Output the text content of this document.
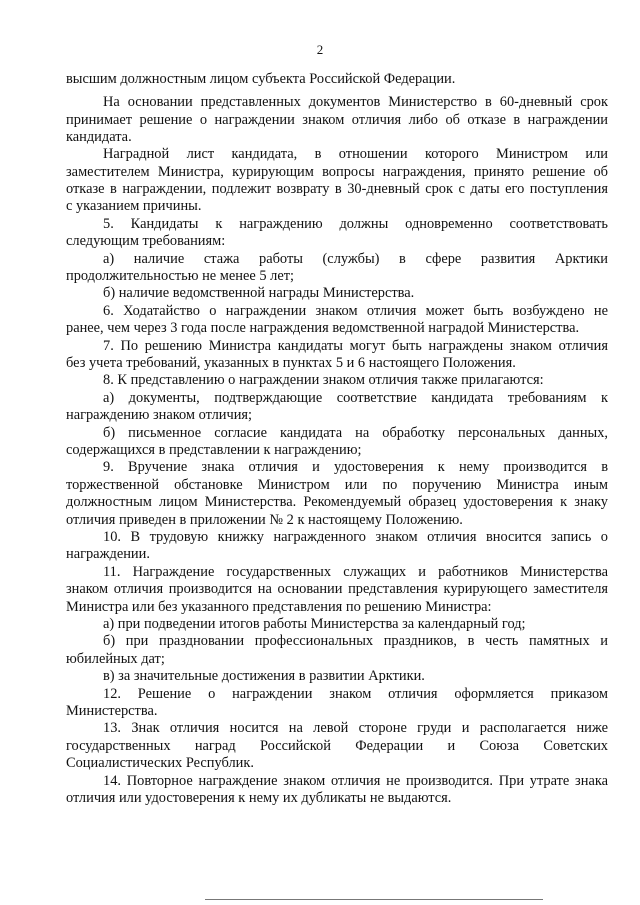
2
высшим должностным лицом субъекта Российской Федерации.
На основании представленных документов Министерство в 60-дневный срок
принимает решение о награждении знаком отличия либо об отказе в награждении
кандидата.
Наградной лист кандидата, в отношении которого Министром или
заместителем Министра, курирующим вопросы награждения, принято решение об
отказе в награждении, подлежит возврату в 30-дневный срок с даты его поступления
с указанием причины.
5. Кандидаты к награждению должны одновременно соответствовать
следующим требованиям:
а) наличие стажа работы (службы) в сфере развития Арктики
продолжительностью не менее 5 лет;
б) наличие ведомственной награды Министерства.
6. Ходатайство о награждении знаком отличия может быть возбуждено не
ранее, чем через 3 года после награждения ведомственной наградой Министерства.
7. По решению Министра кандидаты могут быть награждены знаком отличия
без учета требований, указанных в пунктах 5 и 6 настоящего Положения.
8. К представлению о награждении знаком отличия также прилагаются:
а) документы, подтверждающие соответствие кандидата требованиям к
награждению знаком отличия;
б) письменное согласие кандидата на обработку персональных данных,
содержащихся в представлении к награждению;
9. Вручение знака отличия и удостоверения к нему производится в
торжественной обстановке Министром или по поручению Министра иным
должностным лицом Министерства. Рекомендуемый образец удостоверения к знаку
отличия приведен в приложении № 2 к настоящему Положению.
10. В трудовую книжку награжденного знаком отличия вносится запись о
награждении.
11. Награждение государственных служащих и работников Министерства
знаком отличия производится на основании представления курирующего заместителя
Министра или без указанного представления по решению Министра:
а) при подведении итогов работы Министерства за календарный год;
б) при праздновании профессиональных праздников, в честь памятных и
юбилейных дат;
в) за значительные достижения в развитии Арктики.
12. Решение о награждении знаком отличия оформляется приказом
Министерства.
13. Знак отличия носится на левой стороне груди и располагается ниже
государственных наград Российской Федерации и Союза Советских
Социалистических Республик.
14. Повторное награждение знаком отличия не производится. При утрате знака
отличия или удостоверения к нему их дубликаты не выдаются.
